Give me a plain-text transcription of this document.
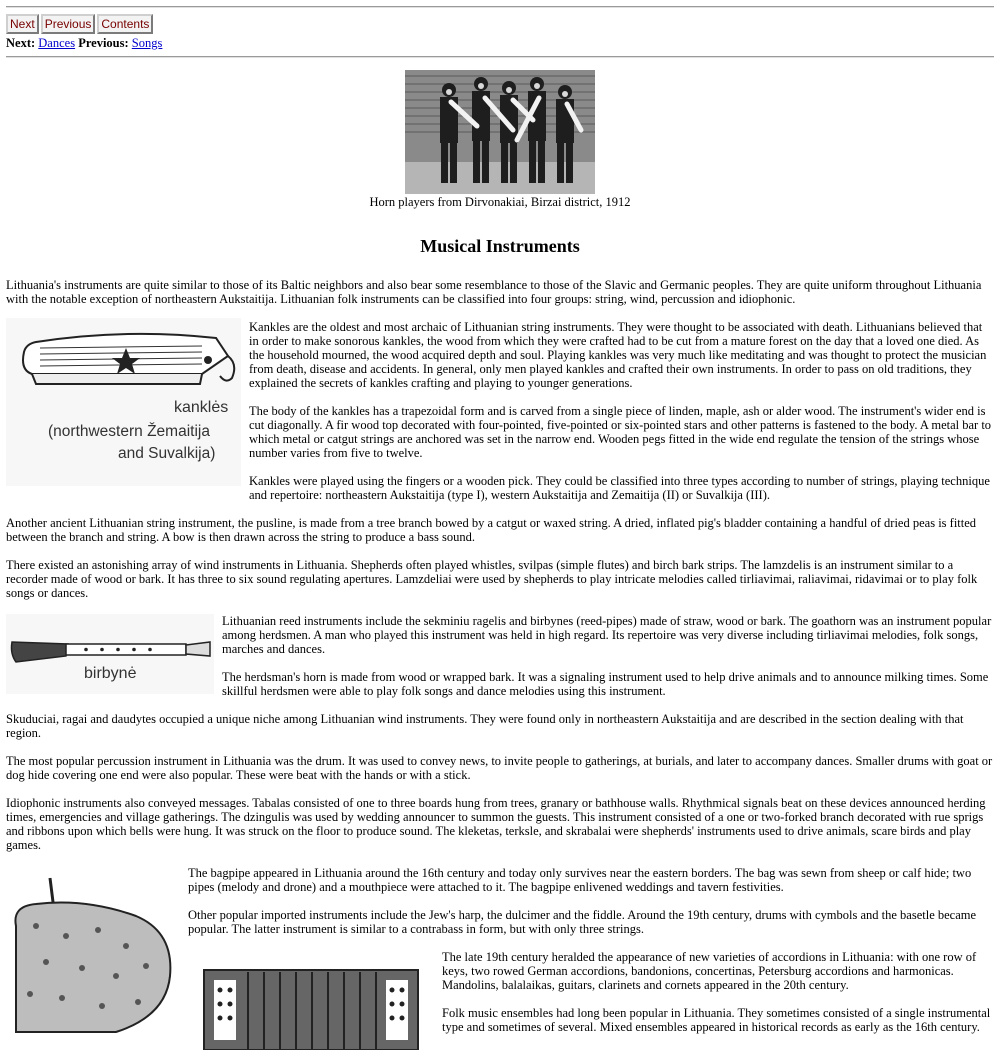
Next Previous Contents
Next: Dances Previous: Songs
Horn players from Dirvonakiai, Birzai district, 1912
Musical Instruments

Lithuania's instruments are quite similar to those of its Baltic neighbors and also bear some resemblance to those of the Slavic and Germanic peoples. They are quite uniform throughout Lithuania with the notable exception of northeastern Aukstaitija. Lithuanian folk instruments can be classified into four groups: string, wind, percussion and idiophonic.

kanklės
(northwestern Žemaitija
and Suvalkija)

Kankles are the oldest and most archaic of Lithuanian string instruments. They were thought to be associated with death. Lithuanians believed that in order to make sonorous kankles, the wood from which they were crafted had to be cut from a mature forest on the day that a loved one died. As the household mourned, the wood acquired depth and soul. Playing kankles was very much like meditating and was thought to protect the musician from death, disease and accidents. In general, only men played kankles and crafted their own instruments. In order to pass on old traditions, they explained the secrets of kankles crafting and playing to younger generations.

The body of the kankles has a trapezoidal form and is carved from a single piece of linden, maple, ash or alder wood. The instrument's wider end is cut diagonally. A fir wood top decorated with four-pointed, five-pointed or six-pointed stars and other patterns is fastened to the body. A metal bar to which metal or catgut strings are anchored was set in the narrow end. Wooden pegs fitted in the wide end regulate the tension of the strings whose number varies from five to twelve.

Kankles were played using the fingers or a wooden pick. They could be classified into three types according to number of strings, playing technique and repertoire: northeastern Aukstaitija (type I), western Aukstaitija and Zemaitija (II) or Suvalkija (III).

Another ancient Lithuanian string instrument, the pusline, is made from a tree branch bowed by a catgut or waxed string. A dried, inflated pig's bladder containing a handful of dried peas is fitted between the branch and string. A bow is then drawn across the string to produce a bass sound.

There existed an astonishing array of wind instruments in Lithuania. Shepherds often played whistles, svilpas (simple flutes) and birch bark strips. The lamzdelis is an instrument similar to a recorder made of wood or bark. It has three to six sound regulating apertures. Lamzdeliai were used by shepherds to play intricate melodies called tirliavimai, raliavimai, ridavimai or to play folk songs or dances.

birbynė

Lithuanian reed instruments include the sekminiu ragelis and birbynes (reed-pipes) made of straw, wood or bark. The goathorn was an instrument popular among herdsmen. A man who played this instrument was held in high regard. Its repertoire was very diverse including tirliavimai melodies, folk songs, marches and dances.

The herdsman's horn is made from wood or wrapped bark. It was a signaling instrument used to help drive animals and to announce milking times. Some skillful herdsmen were able to play folk songs and dance melodies using this instrument.

Skuduciai, ragai and daudytes occupied a unique niche among Lithuanian wind instruments. They were found only in northeastern Aukstaitija and are described in the section dealing with that region.

The most popular percussion instrument in Lithuania was the drum. It was used to convey news, to invite people to gatherings, at burials, and later to accompany dances. Smaller drums with goat or dog hide covering one end were also popular. These were beat with the hands or with a stick.

Idiophonic instruments also conveyed messages. Tabalas consisted of one to three boards hung from trees, granary or bathhouse walls. Rhythmical signals beat on these devices announced herding times, emergencies and village gatherings. The dzingulis was used by wedding announcer to summon the guests. This instrument consisted of a one or two-forked branch decorated with rue sprigs and ribbons upon which bells were hung. It was struck on the floor to produce sound. The kleketas, terksle, and skrabalai were shepherds' instruments used to drive animals, scare birds and play games.

The bagpipe appeared in Lithuania around the 16th century and today only survives near the eastern borders. The bag was sewn from sheep or calf hide; two pipes (melody and drone) and a mouthpiece were attached to it. The bagpipe enlivened weddings and tavern festivities.

Other popular imported instruments include the Jew's harp, the dulcimer and the fiddle. Around the 19th century, drums with cymbols and the basetle became popular. The latter instrument is similar to a contrabass in form, but with only three strings.

The late 19th century heralded the appearance of new varieties of accordions in Lithuania: with one row of keys, two rowed German accordions, bandonions, concertinas, Petersburg accordions and harmonicas. Mandolins, balalaikas, guitars, clarinets and cornets appeared in the 20th century.

Folk music ensembles had long been popular in Lithuania. They sometimes consisted of a single instrumental type and sometimes of several. Mixed ensembles appeared in historical records as early as the 16th century.
